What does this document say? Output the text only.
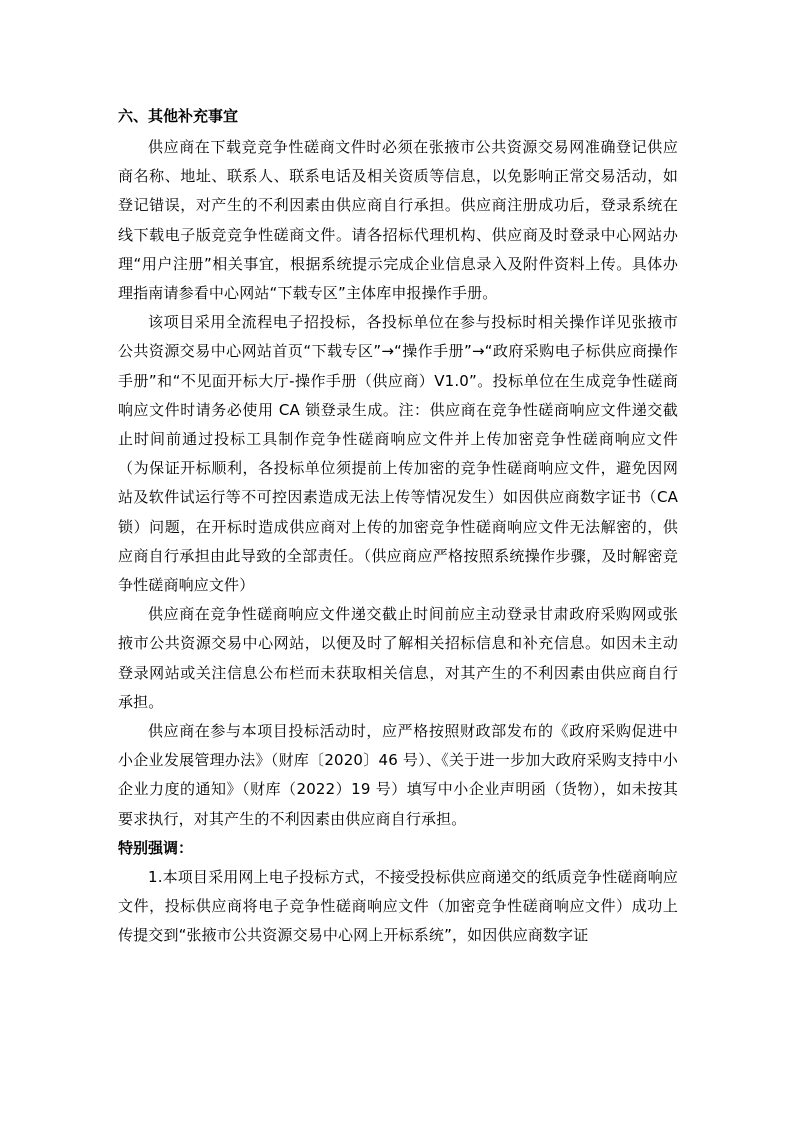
六、其他补充事宜

供应商在下载竞竞争性磋商文件时必须在张掖市公共资源交易网准确登记供应商名称、地址、联系人、联系电话及相关资质等信息，以免影响正常交易活动，如登记错误，对产生的不利因素由供应商自行承担。供应商注册成功后，登录系统在线下载电子版竞竞争性磋商文件。请各招标代理机构、供应商及时登录中心网站办理“用户注册”相关事宜，根据系统提示完成企业信息录入及附件资料上传。具体办理指南请参看中心网站“下载专区”主体库申报操作手册。

该项目采用全流程电子招投标，各投标单位在参与投标时相关操作详见张掖市公共资源交易中心网站首页“下载专区”→“操作手册”→“政府采购电子标供应商操作手册”和“不见面开标大厅-操作手册（供应商）V1.0”。投标单位在生成竞争性磋商响应文件时请务必使用 CA 锁登录生成。注：供应商在竞争性磋商响应文件递交截止时间前通过投标工具制作竞争性磋商响应文件并上传加密竞争性磋商响应文件（为保证开标顺利，各投标单位须提前上传加密的竞争性磋商响应文件，避免因网站及软件试运行等不可控因素造成无法上传等情况发生）如因供应商数字证书（CA 锁）问题，在开标时造成供应商对上传的加密竞争性磋商响应文件无法解密的，供应商自行承担由此导致的全部责任。（供应商应严格按照系统操作步骤，及时解密竞争性磋商响应文件）

供应商在竞争性磋商响应文件递交截止时间前应主动登录甘肃政府采购网或张掖市公共资源交易中心网站，以便及时了解相关招标信息和补充信息。如因未主动登录网站或关注信息公布栏而未获取相关信息，对其产生的不利因素由供应商自行承担。

供应商在参与本项目投标活动时，应严格按照财政部发布的《政府采购促进中小企业发展管理办法》（财库〔2020〕46 号）、《关于进一步加大政府采购支持中小企业力度的通知》（财库（2022）19 号）填写中小企业声明函（货物），如未按其要求执行，对其产生的不利因素由供应商自行承担。

特别强调：

1.本项目采用网上电子投标方式，不接受投标供应商递交的纸质竞争性磋商响应文件，投标供应商将电子竞争性磋商响应文件（加密竞争性磋商响应文件）成功上传提交到“张掖市公共资源交易中心网上开标系统”，如因供应商数字证
